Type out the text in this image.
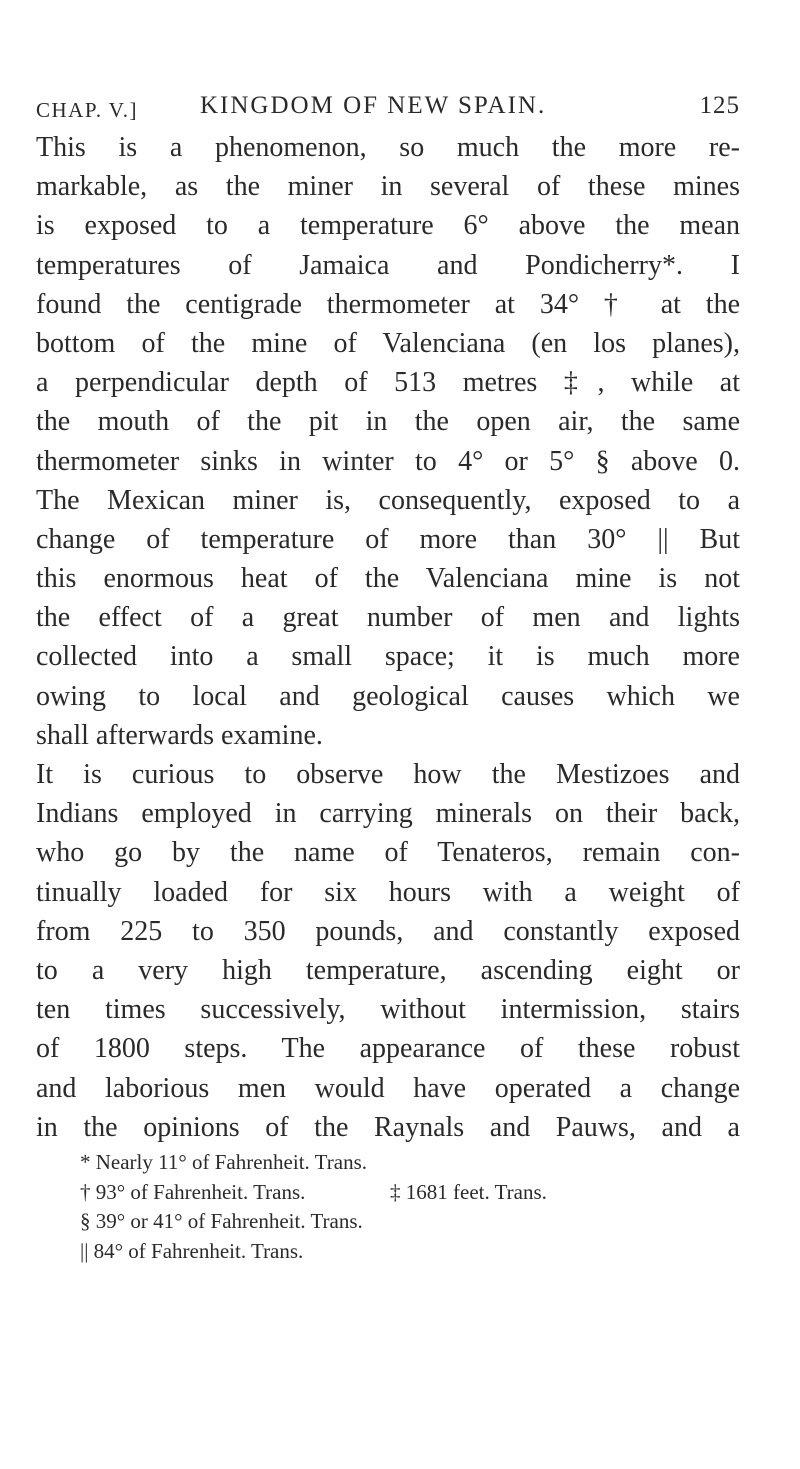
CHAP. V.] KINGDOM OF NEW SPAIN.	125
This is a phenomenon, so much the more re-
markable, as the miner in several of these mines
is exposed to a temperature 6° above the mean
temperatures of Jamaica and Pondicherry*. I
found the centigrade thermometer at 34° † at the
bottom of the mine of Valenciana (en los planes),
a perpendicular depth of 513 metres ‡, while at
the mouth of the pit in the open air, the same
thermometer sinks in winter to 4° or 5° § above 0.
The Mexican miner is, consequently, exposed to a
change of temperature of more than 30° || But
this enormous heat of the Valenciana mine is not
the effect of a great number of men and lights
collected into a small space; it is much more
owing to local and geological causes which we
shall afterwards examine.
It is curious to observe how the Mestizoes and
Indians employed in carrying minerals on their back,
who go by the name of Tenateros, remain con-
tinually loaded for six hours with a weight of
from 225 to 350 pounds, and constantly exposed
to a very high temperature, ascending eight or
ten times successively, without intermission, stairs
of 1800 steps. The appearance of these robust
and laborious men would have operated a change
in the opinions of the Raynals and Pauws, and a
* Nearly 11° of Fahrenheit. Trans.
† 93° of Fahrenheit. Trans.	‡ 1681 feet. Trans.
§ 39° or 41° of Fahrenheit. Trans.
|| 84° of Fahrenheit. Trans.
